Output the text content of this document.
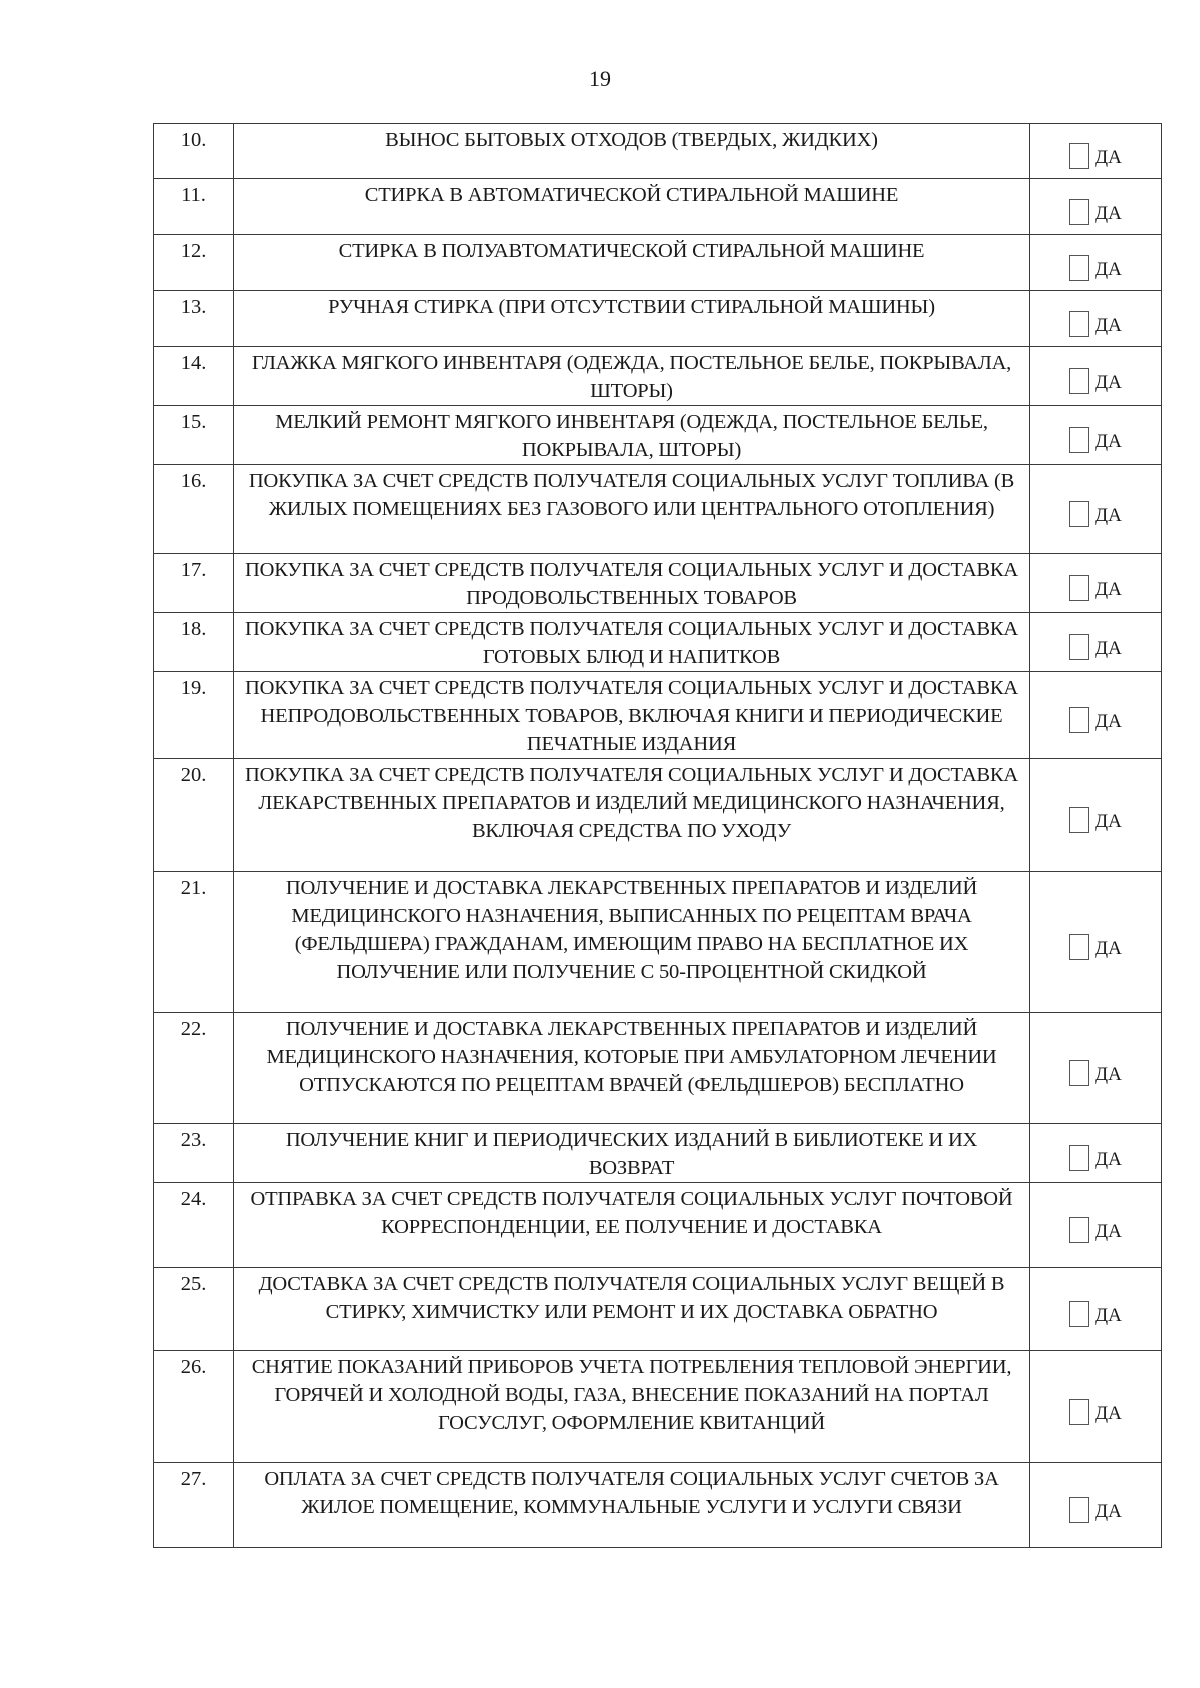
19
10.	ВЫНОС БЫТОВЫХ ОТХОДОВ (ТВЕРДЫХ, ЖИДКИХ)	ДА

11.	СТИРКА В АВТОМАТИЧЕСКОЙ СТИРАЛЬНОЙ МАШИНЕ	ДА

12.	СТИРКА В ПОЛУАВТОМАТИЧЕСКОЙ СТИРАЛЬНОЙ МАШИНЕ	ДА

13.	РУЧНАЯ СТИРКА (ПРИ ОТСУТСТВИИ СТИРАЛЬНОЙ МАШИНЫ)	ДА

14.	ГЛАЖКА МЯГКОГО ИНВЕНТАРЯ (ОДЕЖДА, ПОСТЕЛЬНОЕ БЕЛЬЕ, ПОКРЫВАЛА, ШТОРЫ)	ДА

15.	МЕЛКИЙ РЕМОНТ МЯГКОГО ИНВЕНТАРЯ (ОДЕЖДА, ПОСТЕЛЬНОЕ БЕЛЬЕ, ПОКРЫВАЛА, ШТОРЫ)	ДА

16.	ПОКУПКА ЗА СЧЕТ СРЕДСТВ ПОЛУЧАТЕЛЯ СОЦИАЛЬНЫХ УСЛУГ ТОПЛИВА (В ЖИЛЫХ ПОМЕЩЕНИЯХ БЕЗ ГАЗОВОГО ИЛИ ЦЕНТРАЛЬНОГО ОТОПЛЕНИЯ)	ДА

17.	ПОКУПКА ЗА СЧЕТ СРЕДСТВ ПОЛУЧАТЕЛЯ СОЦИАЛЬНЫХ УСЛУГ И ДОСТАВКА ПРОДОВОЛЬСТВЕННЫХ ТОВАРОВ	ДА

18.	ПОКУПКА ЗА СЧЕТ СРЕДСТВ ПОЛУЧАТЕЛЯ СОЦИАЛЬНЫХ УСЛУГ И ДОСТАВКА ГОТОВЫХ БЛЮД И НАПИТКОВ	ДА

19.	ПОКУПКА ЗА СЧЕТ СРЕДСТВ ПОЛУЧАТЕЛЯ СОЦИАЛЬНЫХ УСЛУГ И ДОСТАВКА НЕПРОДОВОЛЬСТВЕННЫХ ТОВАРОВ, ВКЛЮЧАЯ КНИГИ И ПЕРИОДИЧЕСКИЕ ПЕЧАТНЫЕ ИЗДАНИЯ	ДА

20.	ПОКУПКА ЗА СЧЕТ СРЕДСТВ ПОЛУЧАТЕЛЯ СОЦИАЛЬНЫХ УСЛУГ И ДОСТАВКА ЛЕКАРСТВЕННЫХ ПРЕПАРАТОВ И ИЗДЕЛИЙ МЕДИЦИНСКОГО НАЗНАЧЕНИЯ, ВКЛЮЧАЯ СРЕДСТВА ПО УХОДУ	ДА

21.	ПОЛУЧЕНИЕ И ДОСТАВКА ЛЕКАРСТВЕННЫХ ПРЕПАРАТОВ И ИЗДЕЛИЙ МЕДИЦИНСКОГО НАЗНАЧЕНИЯ, ВЫПИСАННЫХ ПО РЕЦЕПТАМ ВРАЧА (ФЕЛЬДШЕРА) ГРАЖДАНАМ, ИМЕЮЩИМ ПРАВО НА БЕСПЛАТНОЕ ИХ ПОЛУЧЕНИЕ ИЛИ ПОЛУЧЕНИЕ С 50-ПРОЦЕНТНОЙ СКИДКОЙ	ДА

22.	ПОЛУЧЕНИЕ И ДОСТАВКА ЛЕКАРСТВЕННЫХ ПРЕПАРАТОВ И ИЗДЕЛИЙ МЕДИЦИНСКОГО НАЗНАЧЕНИЯ, КОТОРЫЕ ПРИ АМБУЛАТОРНОМ ЛЕЧЕНИИ ОТПУСКАЮТСЯ ПО РЕЦЕПТАМ ВРАЧЕЙ (ФЕЛЬДШЕРОВ) БЕСПЛАТНО	ДА

23.	ПОЛУЧЕНИЕ КНИГ И ПЕРИОДИЧЕСКИХ ИЗДАНИЙ В БИБЛИОТЕКЕ И ИХ ВОЗВРАТ	ДА

24.	ОТПРАВКА ЗА СЧЕТ СРЕДСТВ ПОЛУЧАТЕЛЯ СОЦИАЛЬНЫХ УСЛУГ ПОЧТОВОЙ КОРРЕСПОНДЕНЦИИ, ЕЕ ПОЛУЧЕНИЕ И ДОСТАВКА	ДА

25.	ДОСТАВКА ЗА СЧЕТ СРЕДСТВ ПОЛУЧАТЕЛЯ СОЦИАЛЬНЫХ УСЛУГ ВЕЩЕЙ В СТИРКУ, ХИМЧИСТКУ ИЛИ РЕМОНТ И ИХ ДОСТАВКА ОБРАТНО	ДА

26.	СНЯТИЕ ПОКАЗАНИЙ ПРИБОРОВ УЧЕТА ПОТРЕБЛЕНИЯ ТЕПЛОВОЙ ЭНЕРГИИ, ГОРЯЧЕЙ И ХОЛОДНОЙ ВОДЫ, ГАЗА, ВНЕСЕНИЕ ПОКАЗАНИЙ НА ПОРТАЛ ГОСУСЛУГ, ОФОРМЛЕНИЕ КВИТАНЦИЙ	ДА

27.	ОПЛАТА ЗА СЧЕТ СРЕДСТВ ПОЛУЧАТЕЛЯ СОЦИАЛЬНЫХ УСЛУГ СЧЕТОВ ЗА ЖИЛОЕ ПОМЕЩЕНИЕ, КОММУНАЛЬНЫЕ УСЛУГИ И УСЛУГИ СВЯЗИ	ДА
